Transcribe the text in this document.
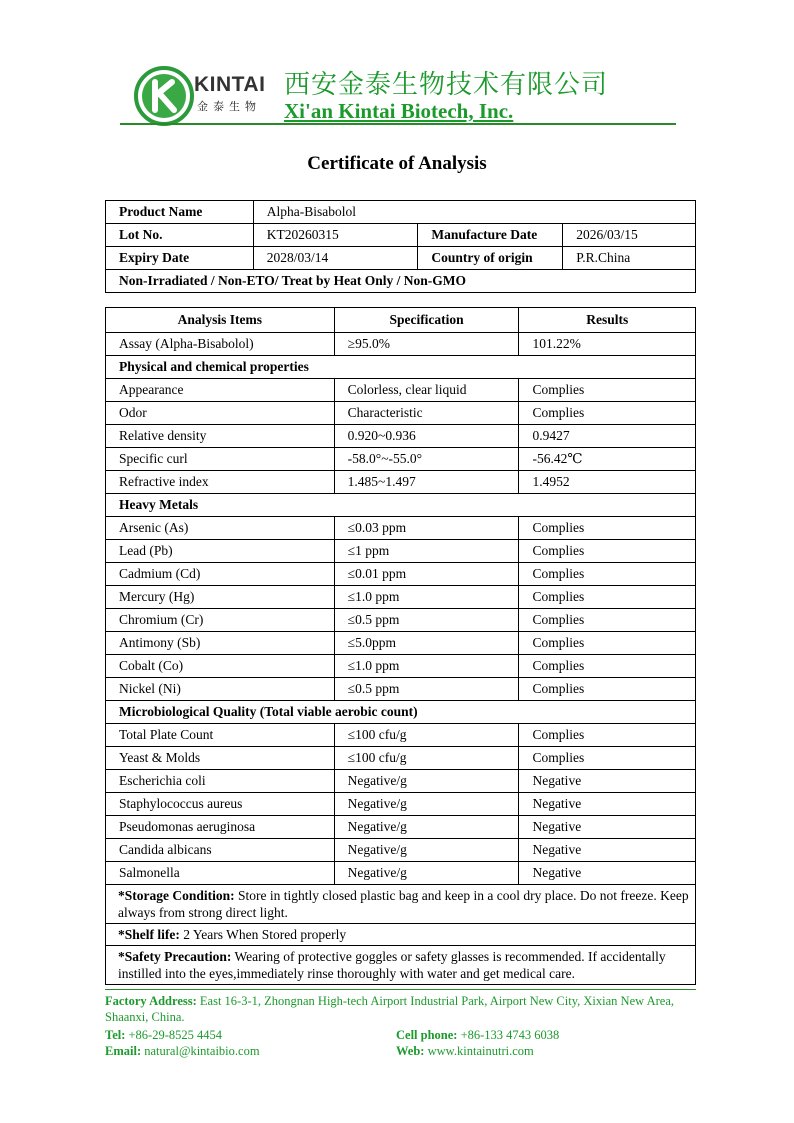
KINTAI
金泰生物
西安金泰生物技术有限公司
Xi'an Kintai Biotech, Inc.
Certificate of Analysis
Product Name	Alpha-Bisabolol		
Lot No.	KT20260315	Manufacture Date	2026/03/15
Expiry Date	2028/03/14	Country of origin	P.R.China
Non-Irradiated / Non-ETO/ Treat by Heat Only / Non-GMO			
Analysis Items	Specification	Results
Assay (Alpha-Bisabolol)	≥95.0%	101.22%
Physical and chemical properties		
Appearance	Colorless, clear liquid	Complies
Odor	Characteristic	Complies
Relative density	0.920~0.936	0.9427
Specific curl	-58.0°~-55.0°	-56.42℃
Refractive index	1.485~1.497	1.4952
Heavy Metals		
Arsenic (As)	≤0.03 ppm	Complies
Lead (Pb)	≤1 ppm	Complies
Cadmium (Cd)	≤0.01 ppm	Complies
Mercury (Hg)	≤1.0 ppm	Complies
Chromium (Cr)	≤0.5 ppm	Complies
Antimony (Sb)	≤5.0ppm	Complies
Cobalt (Co)	≤1.0 ppm	Complies
Nickel (Ni)	≤0.5 ppm	Complies
Microbiological Quality (Total viable aerobic count)		
Total Plate Count	≤100 cfu/g	Complies
Yeast & Molds	≤100 cfu/g	Complies
Escherichia coli	Negative/g	Negative
Staphylococcus aureus	Negative/g	Negative
Pseudomonas aeruginosa	Negative/g	Negative
Candida albicans	Negative/g	Negative
Salmonella	Negative/g	Negative
*Storage Condition: Store in tightly closed plastic bag and keep in a cool dry place. Do not freeze. Keep always from strong direct light.		
*Shelf life: 2 Years When Stored properly		
*Safety Precaution: Wearing of protective goggles or safety glasses is recommended. If accidentally instilled into the eyes,immediately rinse thoroughly with water and get medical care.		
Factory Address: East 16-3-1, Zhongnan High-tech Airport Industrial Park, Airport New City, Xixian New Area, Shaanxi, China.
Tel: +86-29-8525 4454	Cell phone: +86-133 4743 6038
Email: natural@kintaibio.com	Web: www.kintainutri.com
